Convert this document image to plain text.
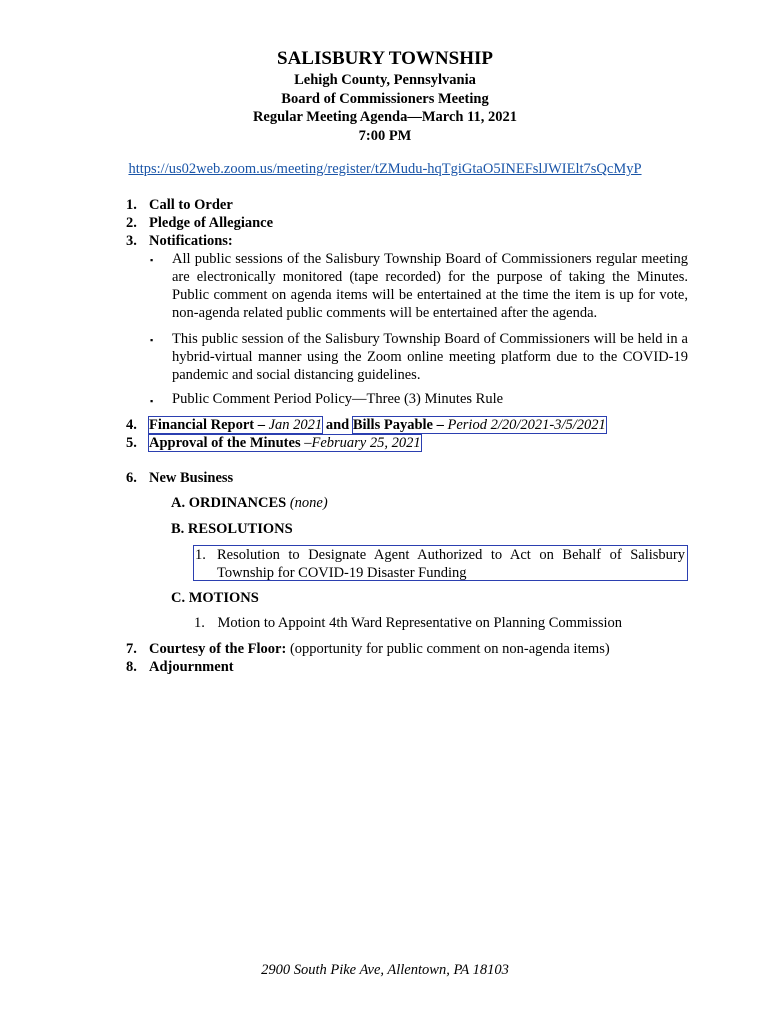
SALISBURY TOWNSHIP
Lehigh County, Pennsylvania
Board of Commissioners Meeting
Regular Meeting Agenda—March 11, 2021
7:00 PM
https://us02web.zoom.us/meeting/register/tZMudu-hqTgiGtaO5INEFslJWIElt7sQcMyP
1. Call to Order
2. Pledge of Allegiance
3. Notifications:
▪ All public sessions of the Salisbury Township Board of Commissioners regular meeting are electronically monitored (tape recorded) for the purpose of taking the Minutes. Public comment on agenda items will be entertained at the time the item is up for vote, non-agenda related public comments will be entertained after the agenda.
▪ This public session of the Salisbury Township Board of Commissioners will be held in a hybrid-virtual manner using the Zoom online meeting platform due to the COVID-19 pandemic and social distancing guidelines.
▪ Public Comment Period Policy—Three (3) Minutes Rule
4. Financial Report – Jan 2021 and Bills Payable – Period 2/20/2021-3/5/2021
5. Approval of the Minutes –February 25, 2021
6. New Business
A. ORDINANCES (none)
B. RESOLUTIONS
1. Resolution to Designate Agent Authorized to Act on Behalf of Salisbury Township for COVID-19 Disaster Funding
C. MOTIONS
1. Motion to Appoint 4th Ward Representative on Planning Commission
7. Courtesy of the Floor: (opportunity for public comment on non-agenda items)
8. Adjournment
2900 South Pike Ave, Allentown, PA 18103
